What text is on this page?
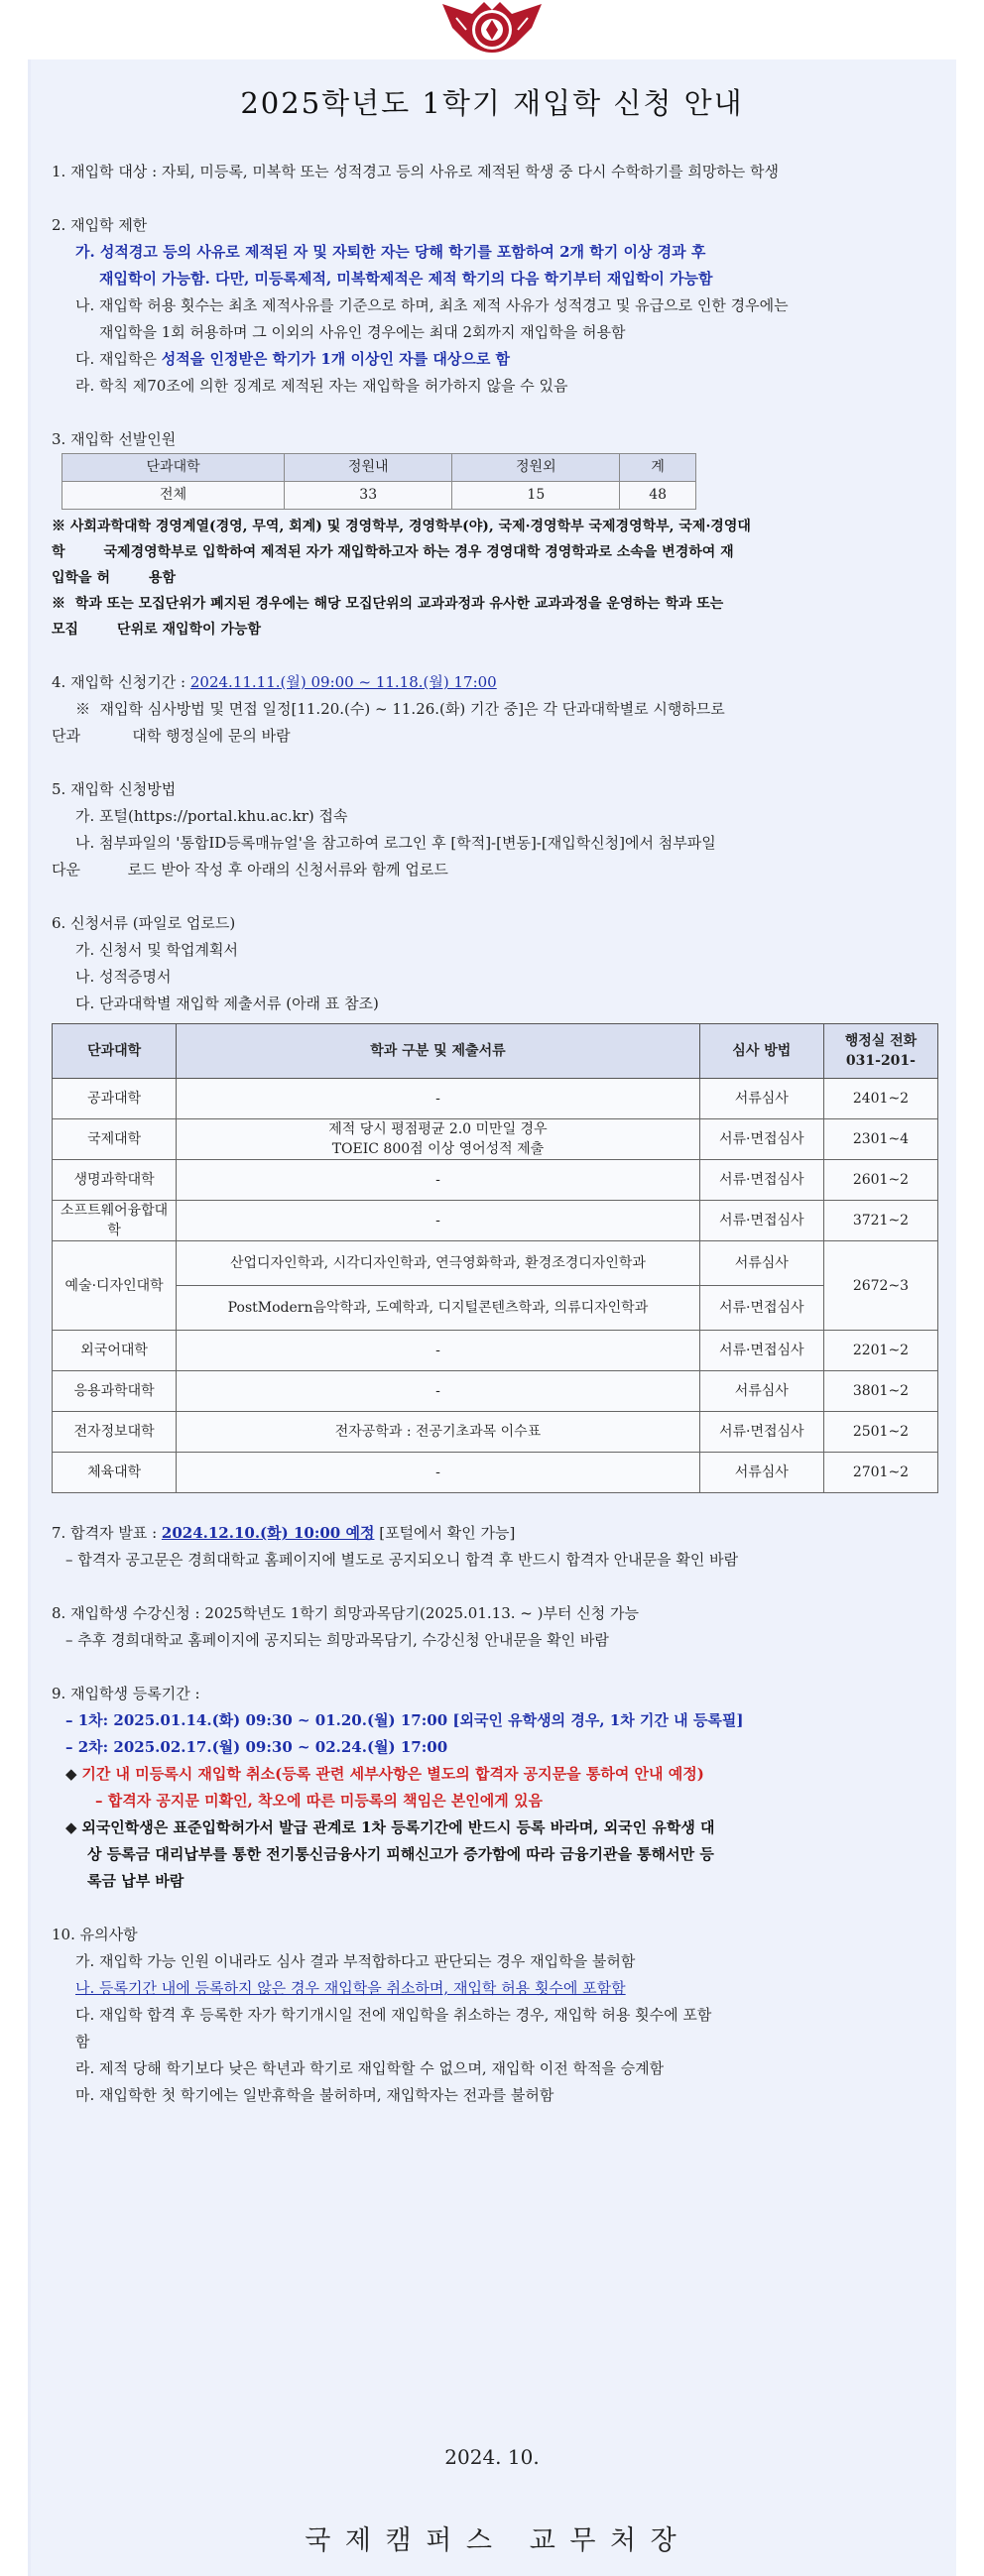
2025학년도 1학기 재입학 신청 안내
1. 재입학 대상 : 자퇴, 미등록, 미복학 또는 성적경고 등의 사유로 제적된 학생 중 다시 수학하기를 희망하는 학생
2. 재입학 제한
가. 성적경고 등의 사유로 제적된 자 및 자퇴한 자는 당해 학기를 포함하여 2개 학기 이상 경과 후
재입학이 가능함. 다만, 미등록제적, 미복학제적은 제적 학기의 다음 학기부터 재입학이 가능함
나. 재입학 허용 횟수는 최초 제적사유를 기준으로 하며, 최초 제적 사유가 성적경고 및 유급으로 인한 경우에는
재입학을 1회 허용하며 그 이외의 사유인 경우에는 최대 2회까지 재입학을 허용함
다. 재입학은 성적을 인정받은 학기가 1개 이상인 자를 대상으로 함
라. 학칙 제70조에 의한 징계로 제적된 자는 재입학을 허가하지 않을 수 있음
3. 재입학 선발인원
단과대학	정원내	정원외	계
전체	33	15	48
※ 사회과학대학 경영계열(경영, 무역, 회계) 및 경영학부, 경영학부(야), 국제·경영학부 국제경영학부, 국제·경영대
학        국제경영학부로 입학하여 제적된 자가 재입학하고자 하는 경우 경영대학 경영학과로 소속을 변경하여 재
입학을 허        용함
※  학과 또는 모집단위가 폐지된 경우에는 해당 모집단위의 교과과정과 유사한 교과과정을 운영하는 학과 또는
모집        단위로 재입학이 가능함
4. 재입학 신청기간 : 2024.11.11.(월) 09:00 ~ 11.18.(월) 17:00
※  재입학 심사방법 및 면접 일정[11.20.(수) ~ 11.26.(화) 기간 중]은 각 단과대학별로 시행하므로
단과           대학 행정실에 문의 바람
5. 재입학 신청방법
가. 포털(https://portal.khu.ac.kr) 접속
나. 첨부파일의 '통합ID등록매뉴얼'을 참고하여 로그인 후 [학적]-[변동]-[재입학신청]에서 첨부파일
다운          로드 받아 작성 후 아래의 신청서류와 함께 업로드
6. 신청서류 (파일로 업로드)
가. 신청서 및 학업계획서
나. 성적증명서
다. 단과대학별 재입학 제출서류 (아래 표 참조)
단과대학	학과 구분 및 제출서류	심사 방법	행정실 전화
031-201-
공과대학	-	서류심사	2401~2
국제대학	제적 당시 평점평균 2.0 미만일 경우
TOEIC 800점 이상 영어성적 제출	서류·면접심사	2301~4
생명과학대학	-	서류·면접심사	2601~2
소프트웨어융합대학	-	서류·면접심사	3721~2
예술·디자인대학	산업디자인학과, 시각디자인학과, 연극영화학과, 환경조경디자인학과	서류심사	2672~3
	PostModern음악학과, 도예학과, 디지털콘텐츠학과, 의류디자인학과	서류·면접심사	
외국어대학	-	서류·면접심사	2201~2
응용과학대학	-	서류심사	3801~2
전자정보대학	전자공학과 : 전공기초과목 이수표	서류·면접심사	2501~2
체육대학	-	서류심사	2701~2
7. 합격자 발표 : 2024.12.10.(화) 10:00 예정 [포털에서 확인 가능]
– 합격자 공고문은 경희대학교 홈페이지에 별도로 공지되오니 합격 후 반드시 합격자 안내문을 확인 바람
8. 재입학생 수강신청 : 2025학년도 1학기 희망과목담기(2025.01.13. ~ )부터 신청 가능
– 추후 경희대학교 홈페이지에 공지되는 희망과목담기, 수강신청 안내문을 확인 바람
9. 재입학생 등록기간 :
– 1차: 2025.01.14.(화) 09:30 ~ 01.20.(월) 17:00 [외국인 유학생의 경우, 1차 기간 내 등록필]
– 2차: 2025.02.17.(월) 09:30 ~ 02.24.(월) 17:00
◆ 기간 내 미등록시 재입학 취소(등록 관련 세부사항은 별도의 합격자 공지문을 통하여 안내 예정)
– 합격자 공지문 미확인, 착오에 따른 미등록의 책임은 본인에게 있음
◆ 외국인학생은 표준입학허가서 발급 관계로 1차 등록기간에 반드시 등록 바라며, 외국인 유학생 대
상 등록금 대리납부를 통한 전기통신금융사기 피해신고가 증가함에 따라 금융기관을 통해서만 등
록금 납부 바람
10. 유의사항
가. 재입학 가능 인원 이내라도 심사 결과 부적합하다고 판단되는 경우 재입학을 불허함
나. 등록기간 내에 등록하지 않은 경우 재입학을 취소하며, 재입학 허용 횟수에 포함함
다. 재입학 합격 후 등록한 자가 학기개시일 전에 재입학을 취소하는 경우, 재입학 허용 횟수에 포함
함
라. 제적 당해 학기보다 낮은 학년과 학기로 재입학할 수 없으며, 재입학 이전 학적을 승계함
마. 재입학한 첫 학기에는 일반휴학을 불허하며, 재입학자는 전과를 불허함
2024. 10.
국 제 캠 퍼 스   교 무 처 장
